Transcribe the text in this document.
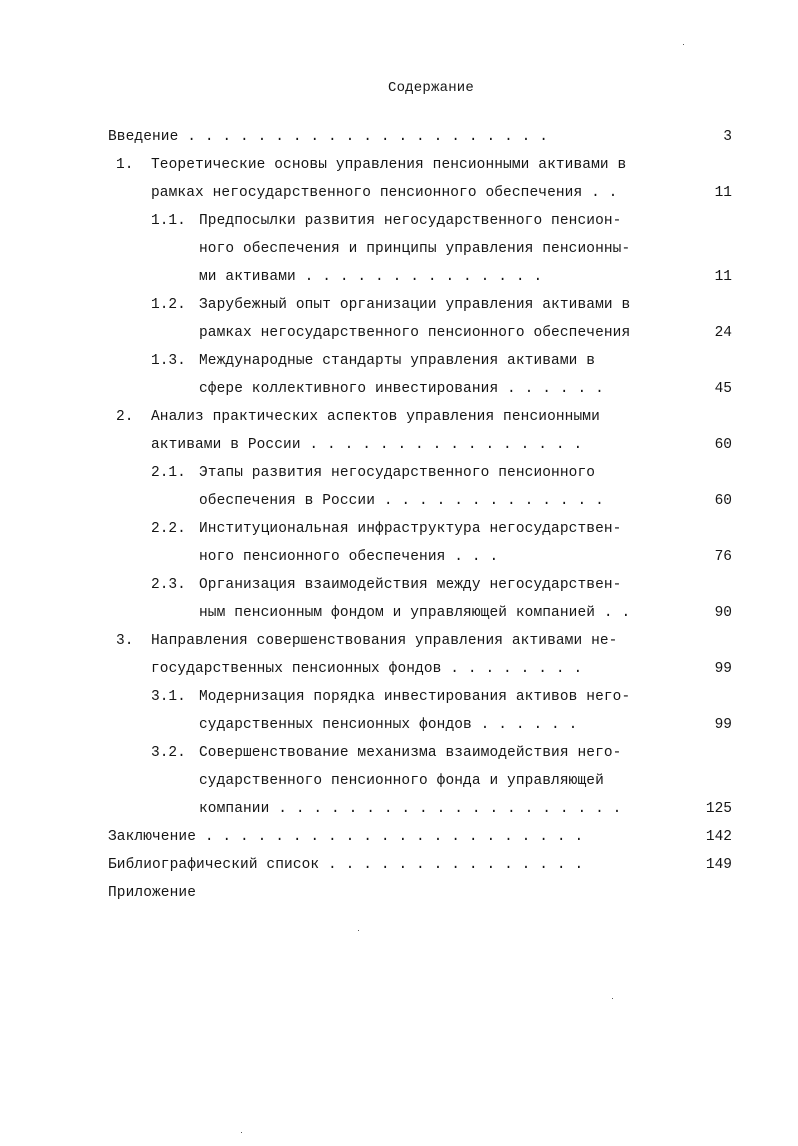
Содержание
Введение . . . . . . . . . . . . . . . . . . . . .	3
1. Теоретические основы управления пенсионными активами в
рамках негосударственного пенсионного обеспечения . .	11
1.1. Предпосылки развития негосударственного пенсион-
ного обеспечения и принципы управления пенсионны-
ми активами . . . . . . . . . . . . . .	11
1.2. Зарубежный опыт организации управления активами в
рамках негосударственного пенсионного обеспечения	24
1.3. Международные стандарты управления активами в
сфере коллективного инвестирования . . . . . .	45
2. Анализ практических аспектов управления пенсионными
активами в России . . . . . . . . . . . . . . . .	60
2.1. Этапы развития негосударственного пенсионного
обеспечения в России . . . . . . . . . . . . .	60
2.2. Институциональная инфраструктура негосударствен-
ного пенсионного обеспечения . . .	76
2.3. Организация взаимодействия между негосударствен-
ным пенсионным фондом и управляющей компанией . .	90
3. Направления совершенствования управления активами не-
государственных пенсионных фондов . . . . . . . .	99
3.1. Модернизация порядка инвестирования активов него-
сударственных пенсионных фондов . . . . . .	99
3.2. Совершенствование механизма взаимодействия него-
сударственного пенсионного фонда и управляющей
компании . . . . . . . . . . . . . . . . . . . .	125
Заключение . . . . . . . . . . . . . . . . . . . . . .	142
Библиографический список . . . . . . . . . . . . . . .	149
Приложение
